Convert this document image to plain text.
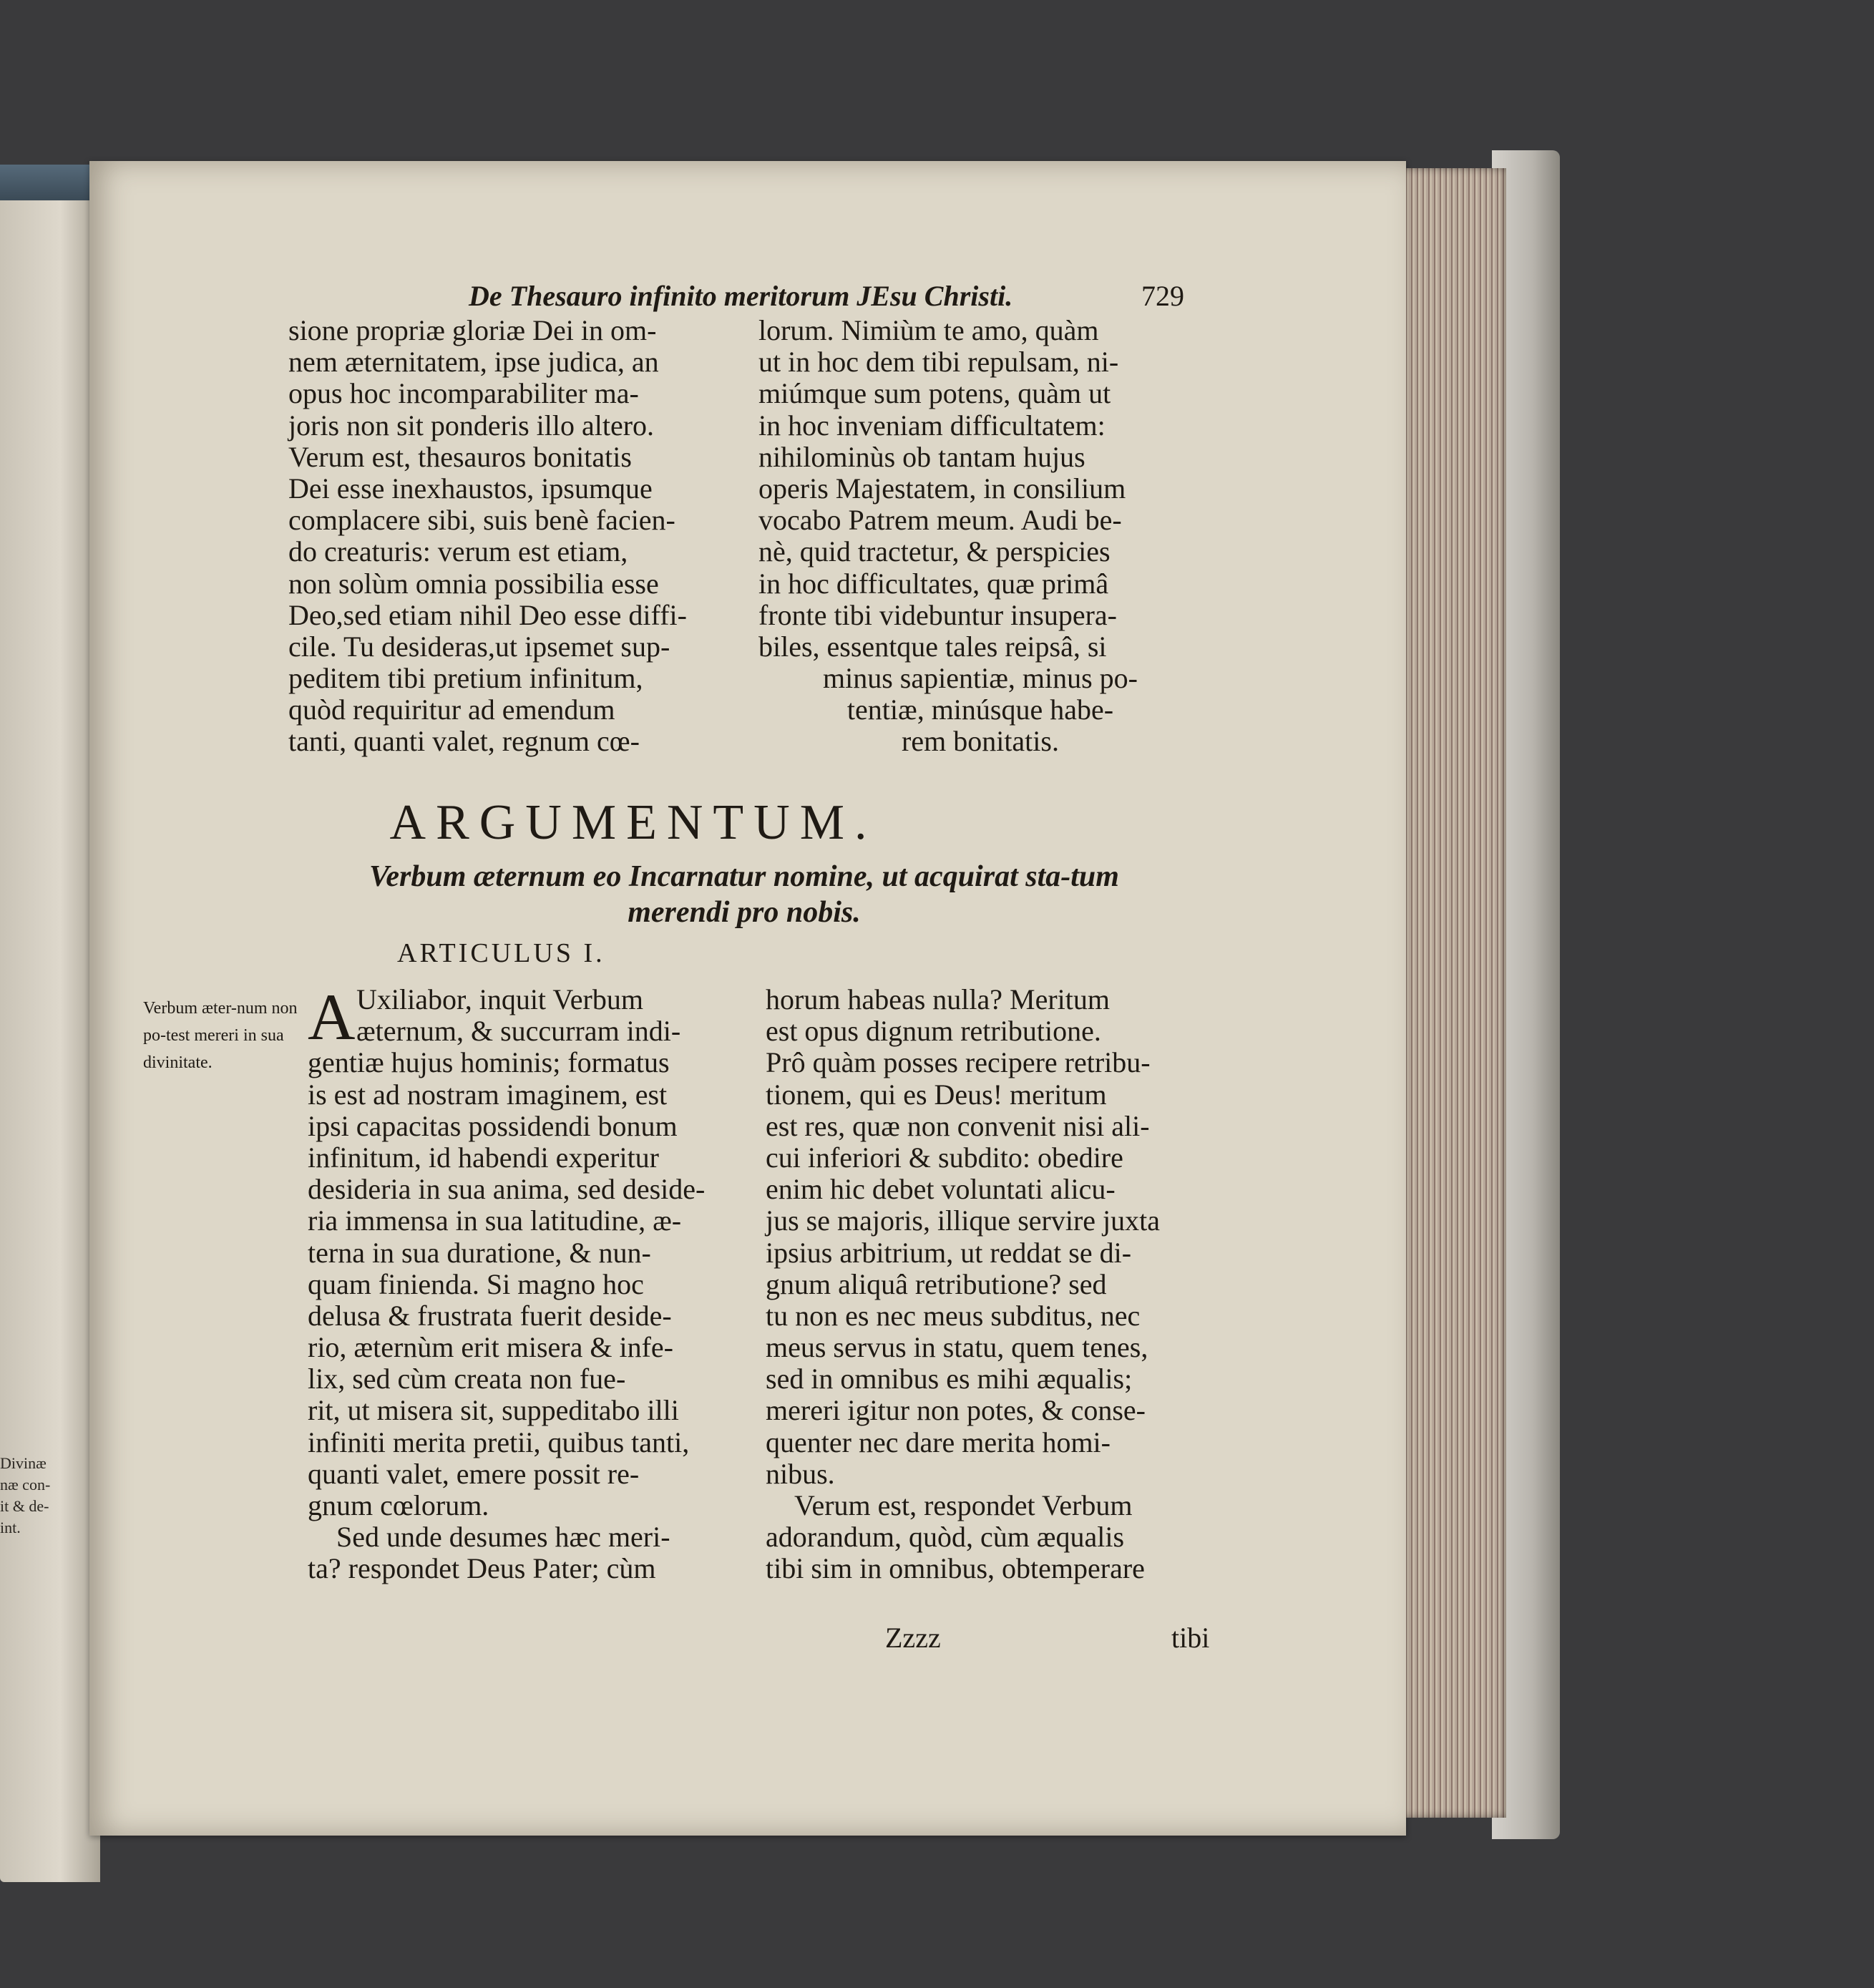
Divinæ
næ con-
it & de-
int.
De Thesauro infinito meritorum JEsu Christi.	729
sione propriæ gloriæ Dei in om-
nem æternitatem, ipse judica, an
opus hoc incomparabiliter ma-
joris non sit ponderis illo altero.
Verum est, thesauros bonitatis
Dei esse inexhaustos, ipsumque
complacere sibi, suis benè facien-
do creaturis: verum est etiam,
non solùm omnia possibilia esse
Deo,sed etiam nihil Deo esse diffi-
cile. Tu desideras,ut ipsemet sup-
peditem tibi pretium infinitum,
quòd requiritur ad emendum
tanti, quanti valet, regnum cœ-
lorum. Nimiùm te amo, quàm
ut in hoc dem tibi repulsam, ni-
miúmque sum potens, quàm ut
in hoc inveniam difficultatem:
nihilominùs ob tantam hujus
operis Majestatem, in consilium
vocabo Patrem meum. Audi be-
nè, quid tractetur, & perspicies
in hoc difficultates, quæ primâ
fronte tibi videbuntur insupera-
biles, essentque tales reipsâ, si
minus sapientiæ, minus po-
tentiæ, minúsque habe-
rem bonitatis.
ARGUMENTUM.
Verbum æternum eo Incarnatur nomine, ut acquirat sta-tum merendi pro nobis.
ARTICULUS I.
Verbum æter-num non po-test mereri in sua divinitate.
A Uxiliabor, inquit Verbum
æternum, & succurram indi-
gentiæ hujus hominis; formatus
is est ad nostram imaginem, est
ipsi capacitas possidendi bonum
infinitum, id habendi experitur
desideria in sua anima, sed deside-
ria immensa in sua latitudine, æ-
terna in sua duratione, & nun-
quam finienda. Si magno hoc
delusa & frustrata fuerit deside-
rio, æternùm erit misera & infe-
lix, sed cùm creata non fue-
rit, ut misera sit, suppeditabo illi
infiniti merita pretii, quibus tanti,
quanti valet, emere possit re-
gnum cœlorum.
Sed unde desumes hæc meri-
ta? respondet Deus Pater; cùm
horum habeas nulla? Meritum
est opus dignum retributione.
Prô quàm posses recipere retribu-
tionem, qui es Deus! meritum
est res, quæ non convenit nisi ali-
cui inferiori & subdito: obedire
enim hic debet voluntati alicu-
jus se majoris, illique servire juxta
ipsius arbitrium, ut reddat se di-
gnum aliquâ retributione? sed
tu non es nec meus subditus, nec
meus servus in statu, quem tenes,
sed in omnibus es mihi æqualis;
mereri igitur non potes, & conse-
quenter nec dare merita homi-
nibus.
Verum est, respondet Verbum
adorandum, quòd, cùm æqualis
tibi sim in omnibus, obtemperare
Zzzz	tibi
